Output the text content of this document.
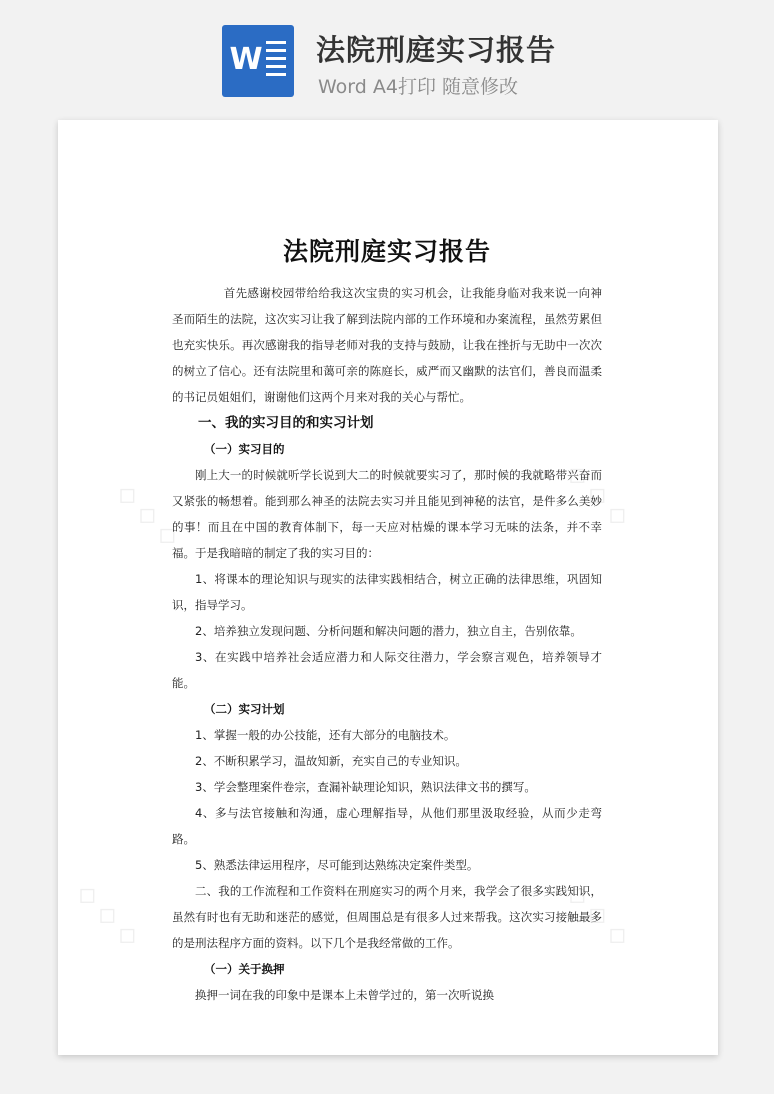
W 法院刑庭实习报告
Word A4打印 随意修改
◇ ◇ ◇	◇ ◇ ◇
◇ ◇ ◇	◇ ◇ ◇
法院刑庭实习报告

首先感谢校园带给给我这次宝贵的实习机会，让我能身临对我来说一向神圣而陌生的法院，这次实习让我了解到法院内部的工作环境和办案流程，虽然劳累但也充实快乐。再次感谢我的指导老师对我的支持与鼓励，让我在挫折与无助中一次次的树立了信心。还有法院里和蔼可亲的陈庭长，威严而又幽默的法官们，善良而温柔的书记员姐姐们，谢谢他们这两个月来对我的关心与帮忙。

一、我的实习目的和实习计划

（一）实习目的

刚上大一的时候就听学长说到大二的时候就要实习了，那时候的我就略带兴奋而又紧张的畅想着。能到那么神圣的法院去实习并且能见到神秘的法官，是件多么美妙的事！而且在中国的教育体制下，每一天应对枯燥的课本学习无味的法条，并不幸福。于是我暗暗的制定了我的实习目的：

1、将课本的理论知识与现实的法律实践相结合，树立正确的法律思维，巩固知识，指导学习。

2、培养独立发现问题、分析问题和解决问题的潜力，独立自主，告别依靠。

3、在实践中培养社会适应潜力和人际交往潜力，学会察言观色，培养领导才能。

（二）实习计划

1、掌握一般的办公技能，还有大部分的电脑技术。

2、不断积累学习，温故知新，充实自己的专业知识。

3、学会整理案件卷宗，查漏补缺理论知识，熟识法律文书的撰写。

4、多与法官接触和沟通，虚心理解指导，从他们那里汲取经验，从而少走弯路。

5、熟悉法律运用程序，尽可能到达熟练决定案件类型。

二、我的工作流程和工作资料在刑庭实习的两个月来，我学会了很多实践知识，虽然有时也有无助和迷茫的感觉，但周围总是有很多人过来帮我。这次实习接触最多的是刑法程序方面的资料。以下几个是我经常做的工作。

（一）关于换押

换押一词在我的印象中是课本上未曾学过的，第一次听说换
